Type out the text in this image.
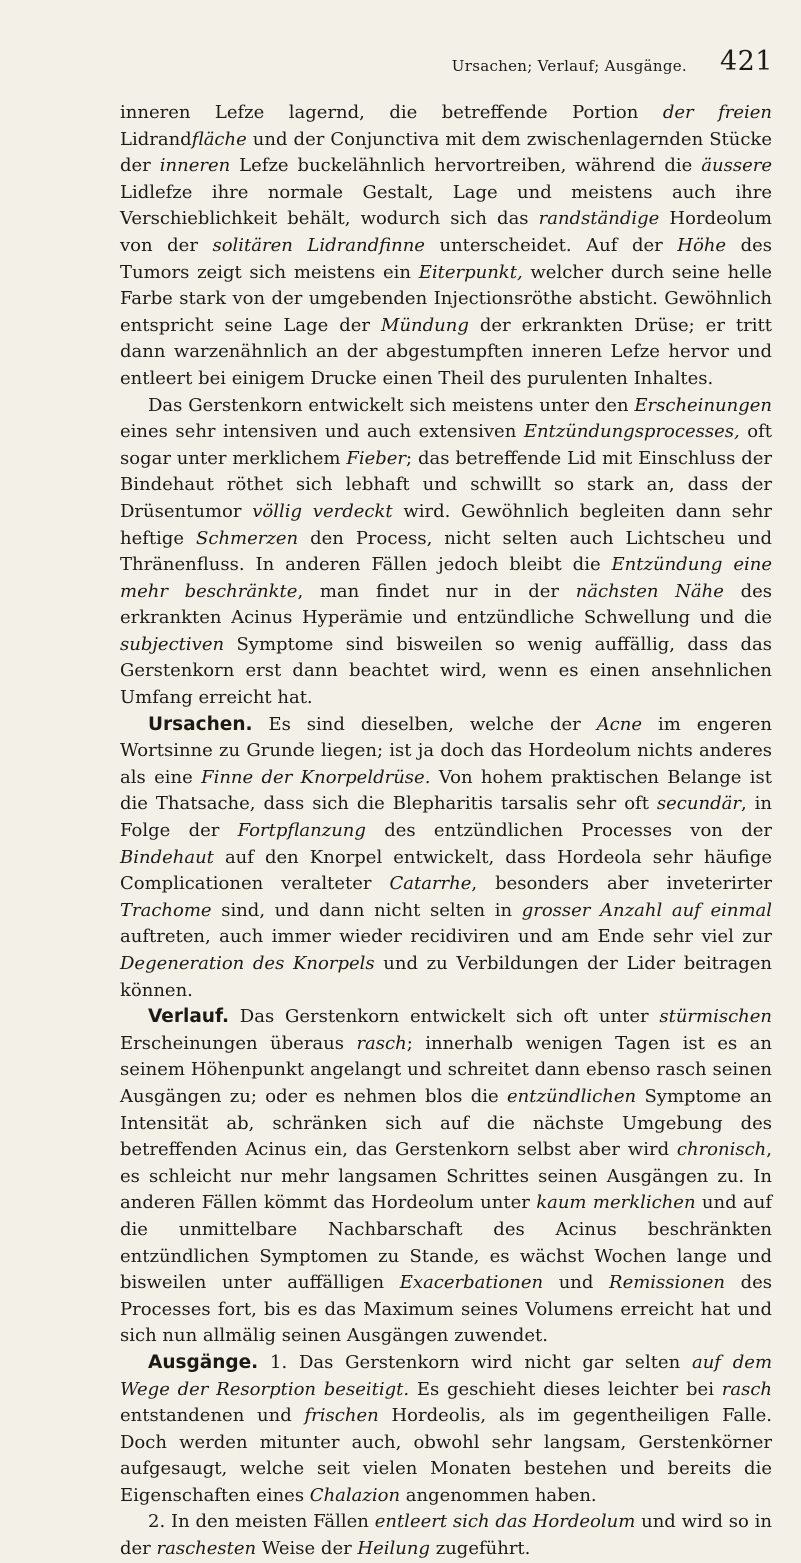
Ursachen; Verlauf; Ausgänge. 421

inneren Lefze lagernd, die betreffende Portion der freien Lidrandfläche und der Conjunctiva mit dem zwischenlagernden Stücke der inneren Lefze buckelähnlich hervortreiben, während die äussere Lidlefze ihre normale Gestalt, Lage und meistens auch ihre Verschieblichkeit behält, wodurch sich das randständige Hordeolum von der solitären Lidrandfinne unterscheidet. Auf der Höhe des Tumors zeigt sich meistens ein Eiterpunkt, welcher durch seine helle Farbe stark von der umgebenden Injectionsröthe absticht. Gewöhnlich entspricht seine Lage der Mündung der erkrankten Drüse; er tritt dann warzenähnlich an der abgestumpften inneren Lefze hervor und entleert bei einigem Drucke einen Theil des purulenten Inhaltes.

Das Gerstenkorn entwickelt sich meistens unter den Erscheinungen eines sehr intensiven und auch extensiven Entzündungsprocesses, oft sogar unter merklichem Fieber; das betreffende Lid mit Einschluss der Bindehaut röthet sich lebhaft und schwillt so stark an, dass der Drüsentumor völlig verdeckt wird. Gewöhnlich begleiten dann sehr heftige Schmerzen den Process, nicht selten auch Lichtscheu und Thränenfluss. In anderen Fällen jedoch bleibt die Entzündung eine mehr beschränkte, man findet nur in der nächsten Nähe des erkrankten Acinus Hyperämie und entzündliche Schwellung und die subjectiven Symptome sind bisweilen so wenig auffällig, dass das Gerstenkorn erst dann beachtet wird, wenn es einen ansehnlichen Umfang erreicht hat.

Ursachen. Es sind dieselben, welche der Acne im engeren Wortsinne zu Grunde liegen; ist ja doch das Hordeolum nichts anderes als eine Finne der Knorpeldrüse. Von hohem praktischen Belange ist die Thatsache, dass sich die Blepharitis tarsalis sehr oft secundär, in Folge der Fortpflanzung des entzündlichen Processes von der Bindehaut auf den Knorpel entwickelt, dass Hordeola sehr häufige Complicationen veralteter Catarrhe, besonders aber inveterirter Trachome sind, und dann nicht selten in grosser Anzahl auf einmal auftreten, auch immer wieder recidiviren und am Ende sehr viel zur Degeneration des Knorpels und zu Verbildungen der Lider beitragen können.

Verlauf. Das Gerstenkorn entwickelt sich oft unter stürmischen Erscheinungen überaus rasch; innerhalb wenigen Tagen ist es an seinem Höhenpunkt angelangt und schreitet dann ebenso rasch seinen Ausgängen zu; oder es nehmen blos die entzündlichen Symptome an Intensität ab, schränken sich auf die nächste Umgebung des betreffenden Acinus ein, das Gerstenkorn selbst aber wird chronisch, es schleicht nur mehr langsamen Schrittes seinen Ausgängen zu. In anderen Fällen kömmt das Hordeolum unter kaum merklichen und auf die unmittelbare Nachbarschaft des Acinus beschränkten entzündlichen Symptomen zu Stande, es wächst Wochen lange und bisweilen unter auffälligen Exacerbationen und Remissionen des Processes fort, bis es das Maximum seines Volumens erreicht hat und sich nun allmälig seinen Ausgängen zuwendet.

Ausgänge. 1. Das Gerstenkorn wird nicht gar selten auf dem Wege der Resorption beseitigt. Es geschieht dieses leichter bei rasch entstandenen und frischen Hordeolis, als im gegentheiligen Falle. Doch werden mitunter auch, obwohl sehr langsam, Gerstenkörner aufgesaugt, welche seit vielen Monaten bestehen und bereits die Eigenschaften eines Chalazion angenommen haben.

2. In den meisten Fällen entleert sich das Hordeolum und wird so in der raschesten Weise der Heilung zugeführt.
